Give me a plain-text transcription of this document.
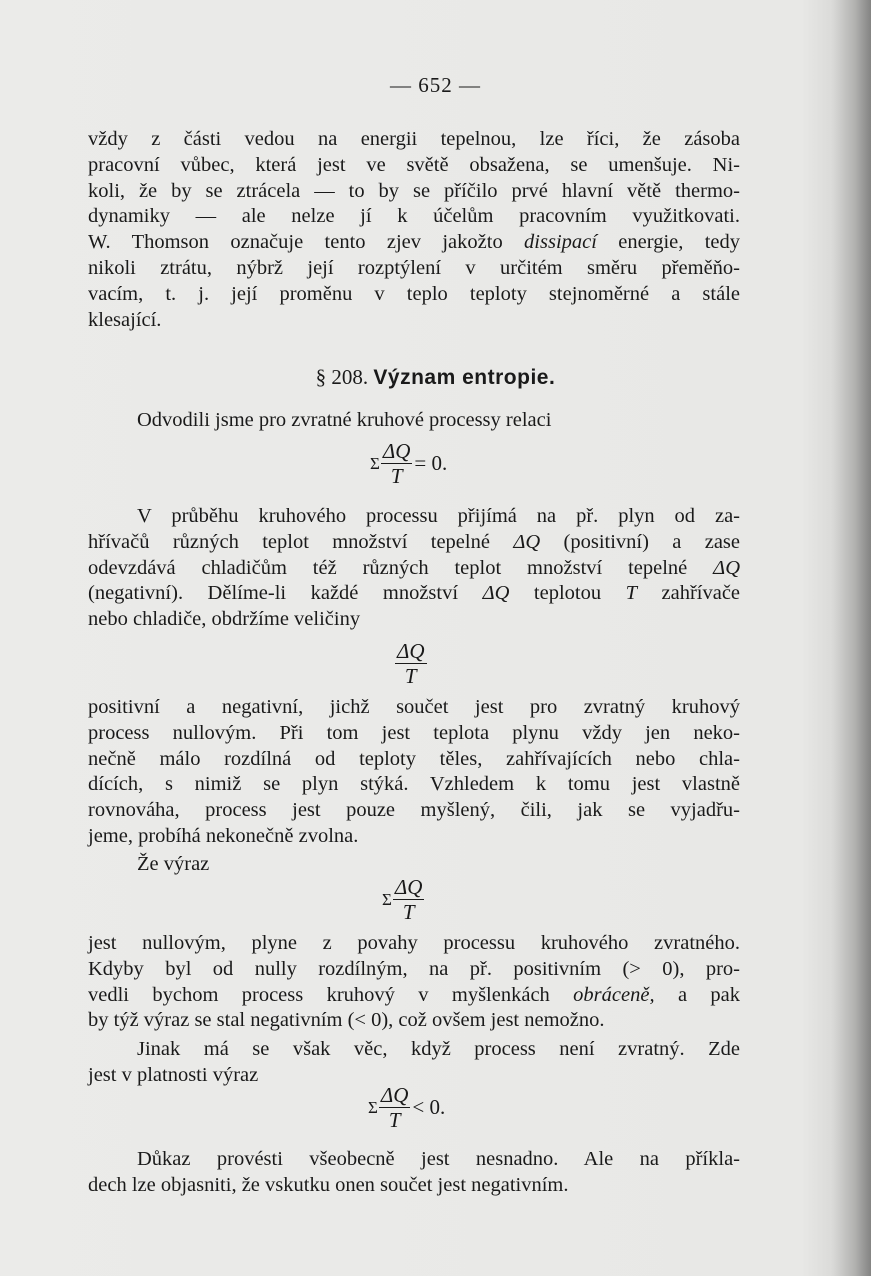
— 652 —

vždy z části vedou na energii tepelnou, lze říci, že zásoba

pracovní vůbec, která jest ve světě obsažena, se umenšuje. Ni-

koli, že by se ztrácela — to by se příčilo prvé hlavní větě thermo-

dynamiky — ale nelze jí k účelům pracovním využitkovati.

W. Thomson označuje tento zjev jakožto dissipací energie, tedy

nikoli ztrátu, nýbrž její rozptýlení v určitém směru přeměňo-

vacím, t. j. její proměnu v teplo teploty stejnoměrné a stále

klesající.

§ 208. Význam entropie.

Odvodili jsme pro zvratné kruhové processy relaci

Σ $\frac{\Delta Q}{T} = 0$.

V průběhu kruhového processu přijímá na př. plyn od za-

hřívačů různých teplot množství tepelné ΔQ (positivní) a zase

odevzdává chladičům též různých teplot množství tepelné ΔQ

(negativní). Dělíme-li každé množství ΔQ teplotou T zahřívače

nebo chladiče, obdržíme veličiny

$\frac{\Delta Q}{T}$

positivní a negativní, jichž součet jest pro zvratný kruhový

process nullovým. Při tom jest teplota plynu vždy jen neko-

nečně málo rozdílná od teploty těles, zahřívajících nebo chla-

dících, s nimiž se plyn stýká. Vzhledem k tomu jest vlastně

rovnováha, process jest pouze myšlený, čili, jak se vyjadřu-

jeme, probíhá nekonečně zvolna.

Že výraz

Σ $\frac{\Delta Q}{T}$

jest nullovým, plyne z povahy processu kruhového zvratného.

Kdyby byl od nully rozdílným, na př. positivním (> 0), pro-

vedli bychom process kruhový v myšlenkách obráceně, a pak

by týž výraz se stal negativním (< 0), což ovšem jest nemožno.

Jinak má se však věc, když process není zvratný. Zde

jest v platnosti výraz

Σ $\frac{\Delta Q}{T} < 0$.

Důkaz provésti všeobecně jest nesnadno. Ale na příkla-

dech lze objasniti, že vskutku onen součet jest negativním.
